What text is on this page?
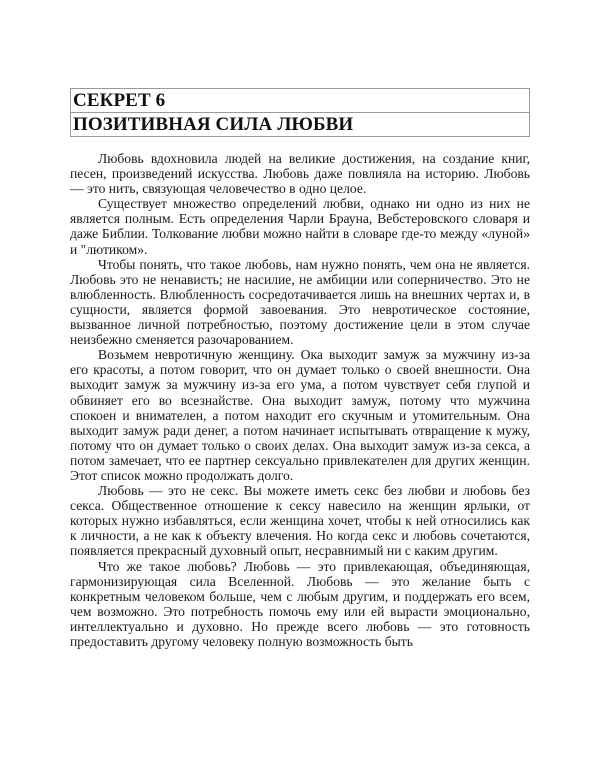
СЕКРЕТ 6
ПОЗИТИВНАЯ СИЛА ЛЮБВИ

Любовь вдохновила людей на великие достижения, на создание книг, песен, произведений искусства. Любовь даже повлияла на историю. Любовь — это нить, связующая человечество в одно целое.

Существует множество определений любви, однако ни одно из них не является полным. Есть определения Чарли Брауна, Вебстеровского словаря и даже Библии. Толкование любви можно найти в словаре где-то между «луной» и "лютиком».

Чтобы понять, что такое любовь, нам нужно понять, чем она не является. Любовь это не ненависть; не насилие, не амбиции или соперничество. Это не влюбленность. Влюбленность сосредотачивается лишь на внешних чертах и, в сущности, является формой завоевания. Это невротическое состояние, вызванное личной потребностью, поэтому достижение цели в этом случае неизбежно сменяется разочарованием.

Возьмем невротичную женщину. Ока выходит замуж за мужчину из-за его красоты, а потом говорит, что он думает только о своей внешности. Она выходит замуж за мужчину из-за его ума, а потом чувствует себя глупой и обвиняет его во всезнайстве. Она выходит замуж, потому что мужчина спокоен и внимателен, а потом находит его скучным и утомительным. Она выходит замуж ради денег, а потом начинает испытывать отвращение к мужу, потому что он думает только о своих делах. Она выходит замуж из-за секса, а потом замечает, что ее партнер сексуально привлекателен для других женщин. Этот список можно продолжать долго.

Любовь — это не секс. Вы можете иметь секс без любви и любовь без секса. Общественное отношение к сексу навесило на женщин ярлыки, от которых нужно избавляться, если женщина хочет, чтобы к ней относились как к личности, а не как к объекту влечения. Но когда секс и любовь сочетаются, появляется прекрасный духовный опыт, несравнимый ни с каким другим.

Что же такое любовь? Любовь — это привлекающая, объединяющая, гармонизирующая сила Вселенной. Любовь — это желание быть с конкретным человеком больше, чем с любым другим, и поддержать его всем, чем возможно. Это потребность помочь ему или ей вырасти эмоционально, интеллектуально и духовно. Но прежде всего любовь — это готовность предоставить другому человеку полную возможность быть
